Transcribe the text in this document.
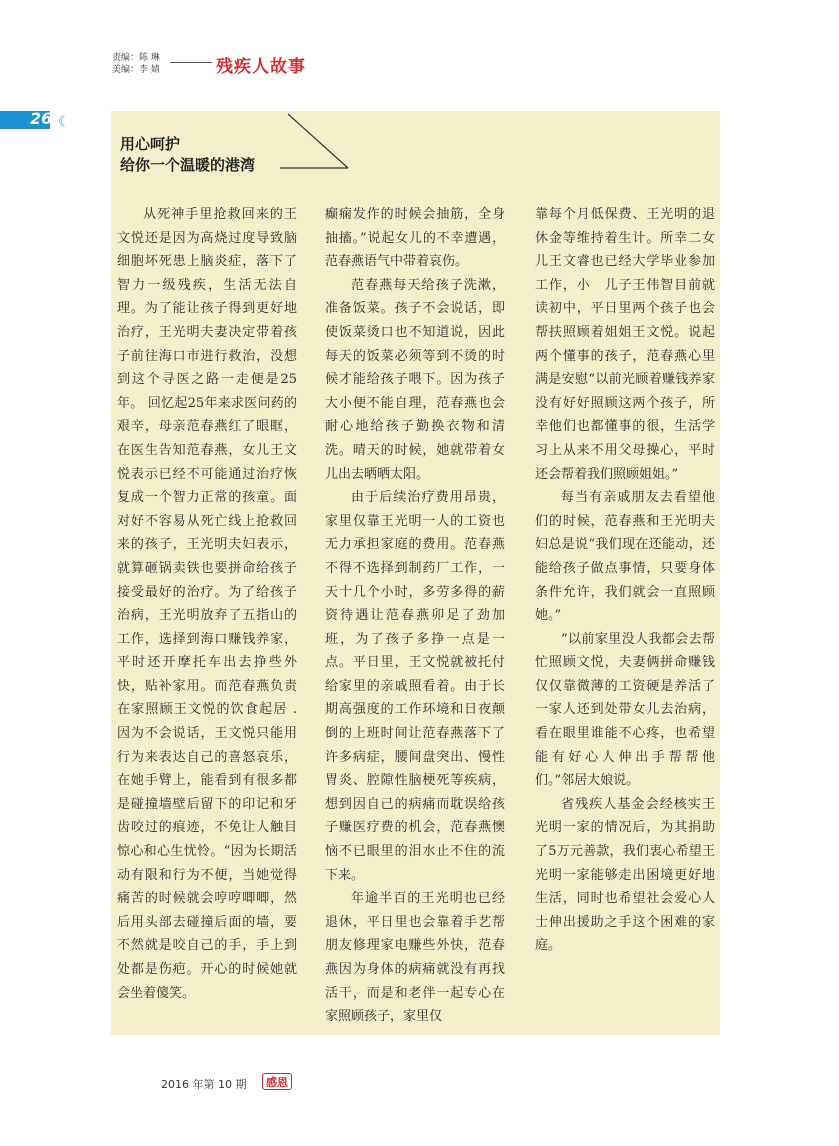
责编：陈 琳
美编：李 婧	残疾人故事
26 《
用心呵护
给你一个温暖的港湾

从死神手里抢救回来的王文悦还是因为高烧过度导致脑细胞坏死患上脑炎症，落下了智力一级残疾，生活无法自理。为了能让孩子得到更好地治疗，王光明夫妻决定带着孩子前往海口市进行救治，没想到这个寻医之路一走便是25年。 回忆起25年来求医问药的艰辛，母亲范春燕红了眼眶，在医生告知范春燕，女儿王文悦表示已经不可能通过治疗恢复成一个智力正常的孩童。面对好不容易从死亡线上抢救回来的孩子，王光明夫妇表示，就算砸锅卖铁也要拼命给孩子接受最好的治疗。为了给孩子治病，王光明放弃了五指山的工作，选择到海口赚钱养家，平时还开摩托车出去挣些外快，贴补家用。而范春燕负责在家照顾王文悦的饮食起居 . 因为不会说话，王文悦只能用行为来表达自己的喜怒哀乐，在她手臂上，能看到有很多都是碰撞墙壁后留下的印记和牙齿咬过的痕迹，不免让人触目惊心和心生忧怜。“因为长期活动有限和行为不便，当她觉得痛苦的时候就会哼哼唧唧，然后用头部去碰撞后面的墙，要不然就是咬自己的手，手上到处都是伤疤。开心的时候她就会坐着傻笑。

癫痫发作的时候会抽筋，全身抽搐。”说起女儿的不幸遭遇，范春燕语气中带着哀伤。

范春燕每天给孩子洗漱，准备饭菜。孩子不会说话，即使饭菜烫口也不知道说，因此每天的饭菜必须等到不烫的时候才能给孩子喂下。因为孩子大小便不能自理，范春燕也会耐心地给孩子勤换衣物和清洗。晴天的时候，她就带着女儿出去晒晒太阳。

由于后续治疗费用昂贵，家里仅靠王光明一人的工资也无力承担家庭的费用。范春燕不得不选择到制药厂工作，一天十几个小时，多劳多得的薪资待遇让范春燕卯足了劲加班，为了孩子多挣一点是一点。平日里，王文悦就被托付给家里的亲戚照看着。由于长期高强度的工作环境和日夜颠倒的上班时间让范春燕落下了许多病症，腰间盘突出、慢性胃炎、腔隙性脑梗死等疾病，想到因自己的病痛而耽误给孩子赚医疗费的机会，范春燕懊恼不已眼里的泪水止不住的流下来。

年逾半百的王光明也已经退休，平日里也会靠着手艺帮朋友修理家电赚些外快，范春燕因为身体的病痛就没有再找活干，而是和老伴一起专心在家照顾孩子，家里仅

靠每个月低保费、王光明的退休金等维持着生计。所幸二女儿王文睿也已经大学毕业参加工作，小　儿子王伟智目前就读初中，平日里两个孩子也会帮扶照顾着姐姐王文悦。说起两个懂事的孩子，范春燕心里满是安慰“以前光顾着赚钱养家没有好好照顾这两个孩子，所幸他们也都懂事的很，生活学习上从来不用父母操心，平时还会帮着我们照顾姐姐。”

每当有亲戚朋友去看望他们的时候，范春燕和王光明夫妇总是说“我们现在还能动，还能给孩子做点事情，只要身体条件允许，我们就会一直照顾她。”

“以前家里没人我都会去帮忙照顾文悦，夫妻俩拼命赚钱仅仅靠微薄的工资硬是养活了一家人还到处带女儿去治病，看在眼里谁能不心疼，也希望能有好心人伸出手帮帮他们。”邻居大娘说。

省残疾人基金会经核实王光明一家的情况后，为其捐助了5万元善款，我们衷心希望王光明一家能够走出困境更好地生活，同时也希望社会爱心人士伸出援助之手这个困难的家庭。

2016 年第 10 期	感恩
